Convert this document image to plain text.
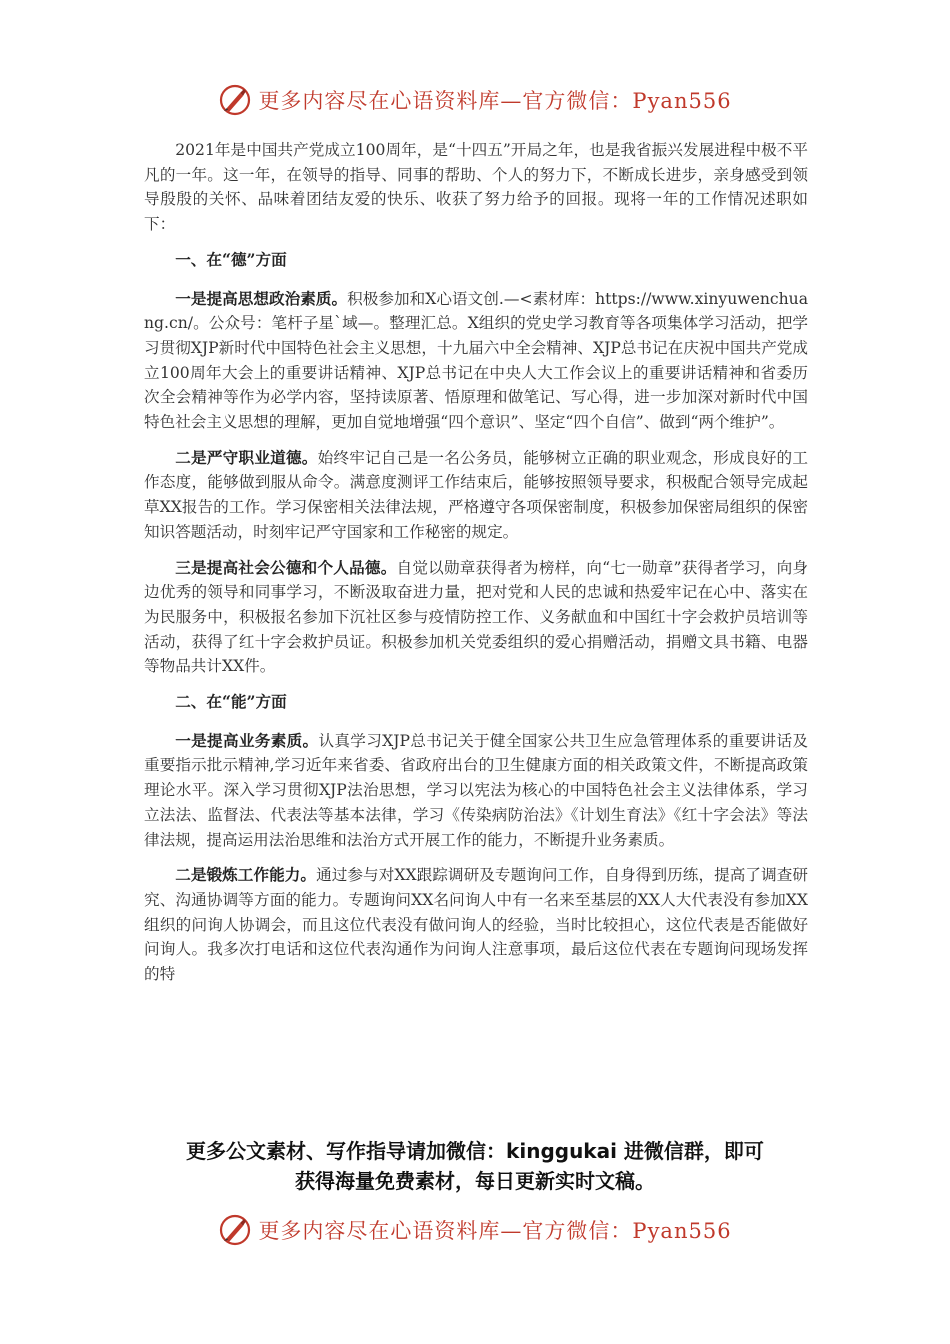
更多内容尽在心语资料库—官方微信：Pyan556

2021年是中国共产党成立100周年，是“十四五”开局之年，也是我省振兴发展进程中极不平凡的一年。这一年，在领导的指导、同事的帮助、个人的努力下，不断成长进步，亲身感受到领导殷殷的关怀、品味着团结友爱的快乐、收获了努力给予的回报。现将一年的工作情况述职如下：

一、在“德”方面

一是提高思想政治素质。积极参加和X心语文创.—<素材库：https://www.xinyuwenchuang.cn/。公众号：笔杆子星`域—。整理汇总。X组织的党史学习教育等各项集体学习活动，把学习贯彻XJP新时代中国特色社会主义思想，十九届六中全会精神、XJP总书记在庆祝中国共产党成立100周年大会上的重要讲话精神、XJP总书记在中央人大工作会议上的重要讲话精神和省委历次全会精神等作为必学内容，坚持读原著、悟原理和做笔记、写心得，进一步加深对新时代中国特色社会主义思想的理解，更加自觉地增强“四个意识”、坚定“四个自信”、做到“两个维护”。

二是严守职业道德。始终牢记自己是一名公务员，能够树立正确的职业观念，形成良好的工作态度，能够做到服从命令。满意度测评工作结束后，能够按照领导要求，积极配合领导完成起草XX报告的工作。学习保密相关法律法规，严格遵守各项保密制度，积极参加保密局组织的保密知识答题活动，时刻牢记严守国家和工作秘密的规定。

三是提高社会公德和个人品德。自觉以勋章获得者为榜样，向“七一勋章”获得者学习，向身边优秀的领导和同事学习，不断汲取奋进力量，把对党和人民的忠诚和热爱牢记在心中、落实在为民服务中，积极报名参加下沉社区参与疫情防控工作、义务献血和中国红十字会救护员培训等活动，获得了红十字会救护员证。积极参加机关党委组织的爱心捐赠活动，捐赠文具书籍、电器等物品共计XX件。

二、在“能”方面

一是提高业务素质。认真学习XJP总书记关于健全国家公共卫生应急管理体系的重要讲话及重要指示批示精神,学习近年来省委、省政府出台的卫生健康方面的相关政策文件，不断提高政策理论水平。深入学习贯彻XJP法治思想，学习以宪法为核心的中国特色社会主义法律体系，学习立法法、监督法、代表法等基本法律，学习《传染病防治法》《计划生育法》《红十字会法》等法律法规，提高运用法治思维和法治方式开展工作的能力，不断提升业务素质。

二是锻炼工作能力。通过参与对XX跟踪调研及专题询问工作，自身得到历练，提高了调查研究、沟通协调等方面的能力。专题询问XX名问询人中有一名来至基层的XX人大代表没有参加XX组织的问询人协调会，而且这位代表没有做问询人的经验，当时比较担心，这位代表是否能做好问询人。我多次打电话和这位代表沟通作为问询人注意事项，最后这位代表在专题询问现场发挥的特

更多公文素材、写作指导请加微信：kinggukai 进微信群，即可
获得海量免费素材，每日更新实时文稿。
更多内容尽在心语资料库—官方微信：Pyan556
